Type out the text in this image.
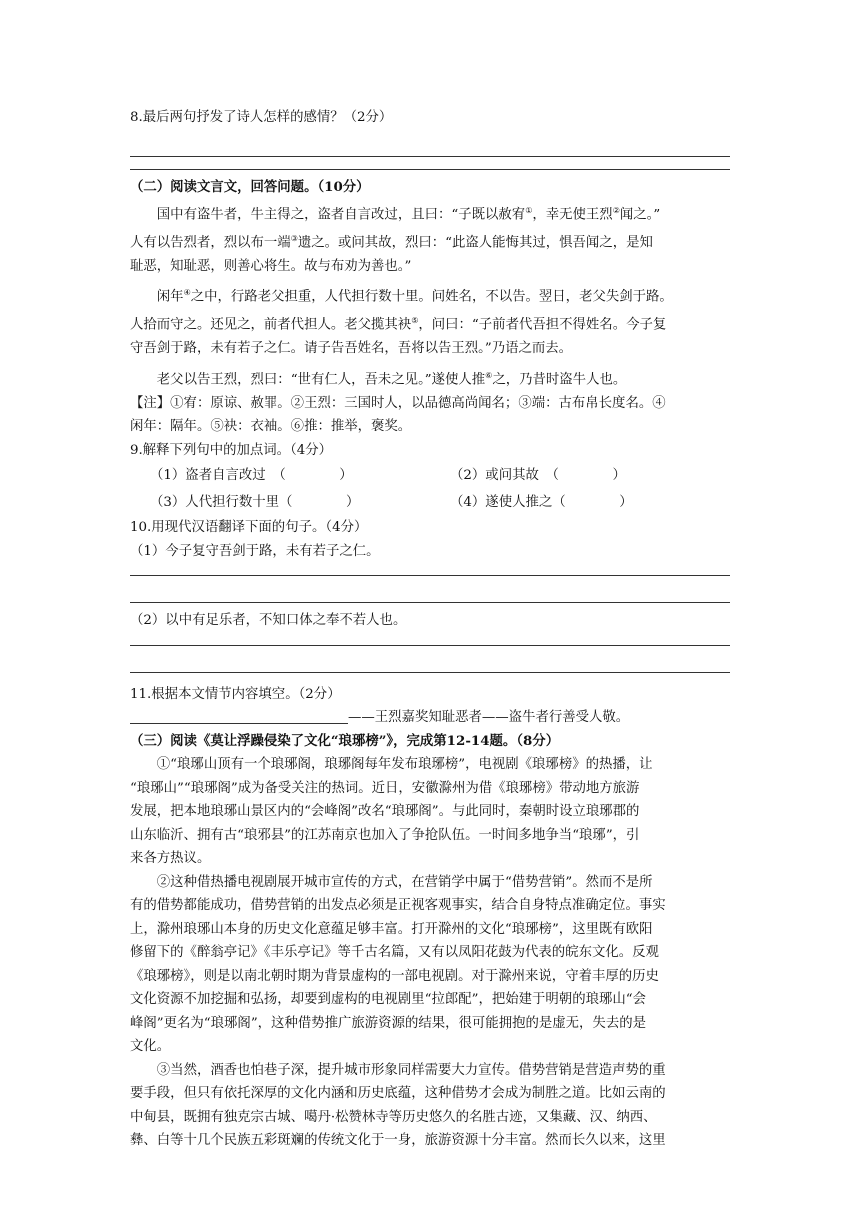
8.最后两句抒发了诗人怎样的感情？（2分）
（二）阅读文言文，回答问题。（10分）
国中有盗牛者，牛主得之，盗者自言改过，且曰：“子既以赦宥①，幸无使王烈②闻之。”
人有以告烈者，烈以布一端③遗之。或问其故，烈曰：“此盗人能悔其过，惧吾闻之，是知
耻恶，知耻恶，则善心将生。故与布劝为善也。”
闲年④之中，行路老父担重，人代担行数十里。问姓名，不以告。翌日，老父失剑于路。
人拾而守之。还见之，前者代担人。老父揽其袂⑤，问曰：“子前者代吾担不得姓名。今子复
守吾剑于路，未有若子之仁。请子告吾姓名，吾将以告王烈。”乃语之而去。
老父以告王烈，烈曰：“世有仁人，吾未之见。”遂使人推⑥之，乃昔时盗牛人也。
【注】①宥：原谅、赦罪。②王烈：三国时人，以品德高尚闻名；③端：古布帛长度名。④
闲年：隔年。⑤袂：衣袖。⑥推：推举，褒奖。
9.解释下列句中的加点词。（4分）
（1）盗者自言改过　（　　　　）	（2）或问其故　（　　　　）
（3）人代担行数十里（　　　　）	（4）遂使人推之（　　　　）
10.用现代汉语翻译下面的句子。（4分）
（1）今子复守吾剑于路，未有若子之仁。
（2）以中有足乐者，不知口体之奉不若人也。
11.根据本文情节内容填空。（2分）
——王烈嘉奖知耻恶者——盗牛者行善受人敬。
（三）阅读《莫让浮躁侵染了文化“琅琊榜”》，完成第12-14题。（8分）
①“琅琊山顶有一个琅琊阁，琅琊阁每年发布琅琊榜”，电视剧《琅琊榜》的热播，让
“琅琊山”“琅琊阁”成为备受关注的热词。近日，安徽滁州为借《琅琊榜》带动地方旅游
发展，把本地琅琊山景区内的“会峰阁”改名“琅琊阁”。与此同时，秦朝时设立琅琊郡的
山东临沂、拥有古“琅邪县”的江苏南京也加入了争抢队伍。一时间多地争当“琅琊”，引
来各方热议。
②这种借热播电视剧展开城市宣传的方式，在营销学中属于“借势营销”。然而不是所
有的借势都能成功，借势营销的出发点必须是正视客观事实，结合自身特点准确定位。事实
上，滁州琅琊山本身的历史文化意蕴足够丰富。打开滁州的文化“琅琊榜”，这里既有欧阳
修留下的《醉翁亭记》《丰乐亭记》等千古名篇，又有以凤阳花鼓为代表的皖东文化。反观
《琅琊榜》，则是以南北朝时期为背景虚构的一部电视剧。对于滁州来说，守着丰厚的历史
文化资源不加挖掘和弘扬，却要到虚构的电视剧里“拉郎配”，把始建于明朝的琅琊山“会
峰阁”更名为“琅琊阁”，这种借势推广旅游资源的结果，很可能拥抱的是虚无，失去的是
文化。
③当然，酒香也怕巷子深，提升城市形象同样需要大力宣传。借势营销是营造声势的重
要手段，但只有依托深厚的文化内涵和历史底蕴，这种借势才会成为制胜之道。比如云南的
中甸县，既拥有独克宗古城、噶丹·松赞林寺等历史悠久的名胜古迹，又集藏、汉、纳西、
彝、白等十几个民族五彩斑斓的传统文化于一身，旅游资源十分丰富。然而长久以来，这里
